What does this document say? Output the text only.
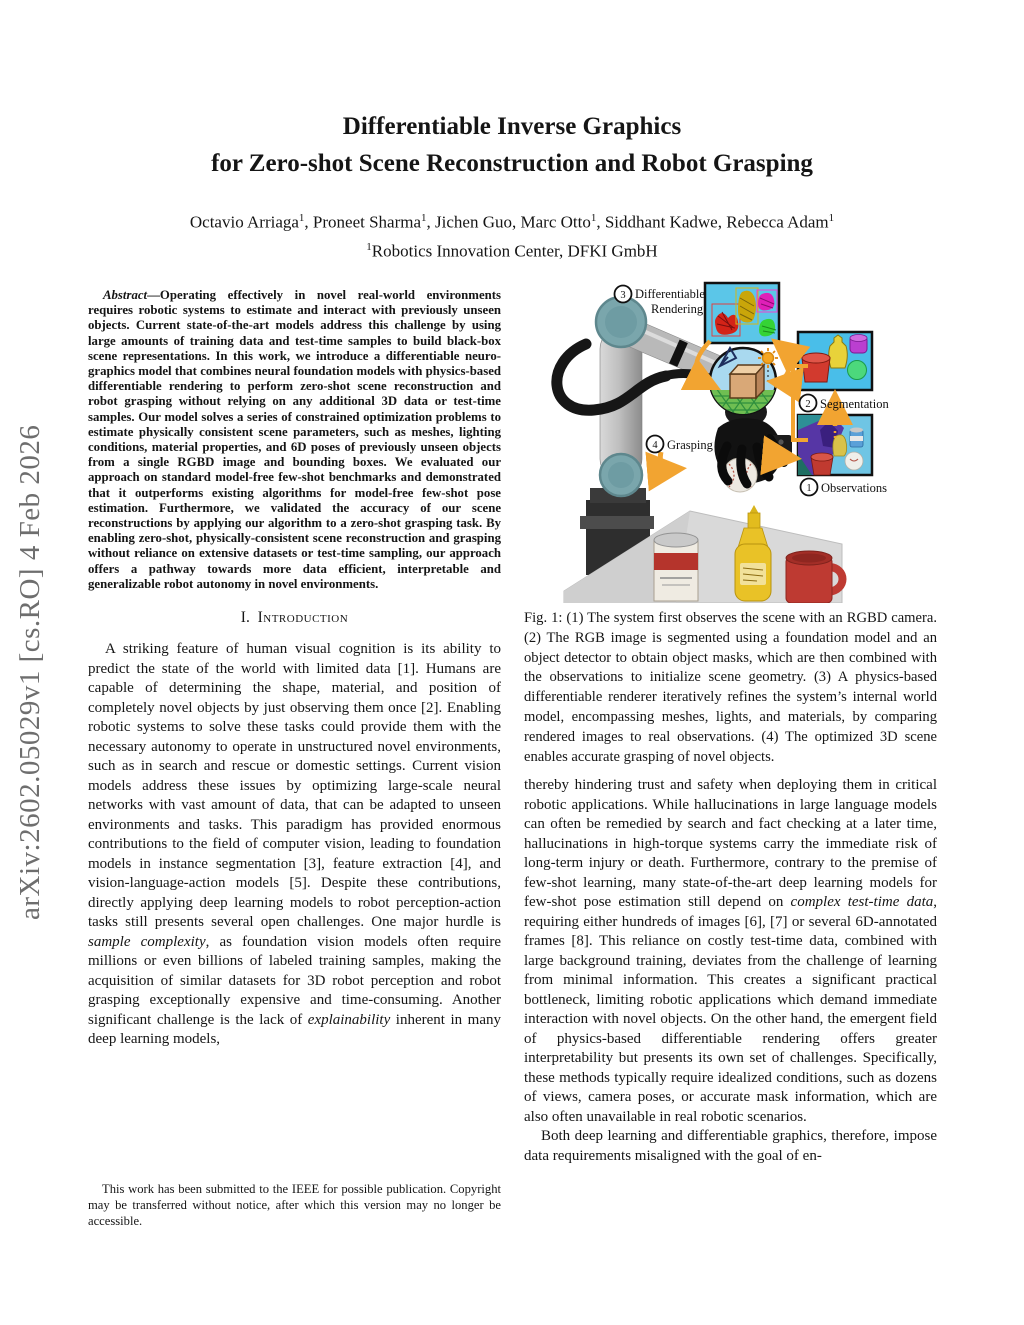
arXiv:2602.05029v1 [cs.RO] 4 Feb 2026
Differentiable Inverse Graphics
for Zero-shot Scene Reconstruction and Robot Grasping
Octavio Arriaga$^1$, Proneet Sharma$^1$, Jichen Guo, Marc Otto$^1$, Siddhant Kadwe, Rebecca Adam$^1$
$^1$Robotics Innovation Center, DFKI GmbH

Abstract—Operating effectively in novel real-world environments requires robotic systems to estimate and interact with previously unseen objects. Current state-of-the-art models address this challenge by using large amounts of training data and test-time samples to build black-box scene representations. In this work, we introduce a differentiable neuro-graphics model that combines neural foundation models with physics-based differentiable rendering to perform zero-shot scene reconstruction and robot grasping without relying on any additional 3D data or test-time samples. Our model solves a series of constrained optimization problems to estimate physically consistent scene parameters, such as meshes, lighting conditions, material properties, and 6D poses of previously unseen objects from a single RGBD image and bounding boxes. We evaluated our approach on standard model-free few-shot benchmarks and demonstrated that it outperforms existing algorithms for model-free few-shot pose estimation. Furthermore, we validated the accuracy of our scene reconstructions by applying our algorithm to a zero-shot grasping task. By enabling zero-shot, physically-consistent scene reconstruction and grasping without reliance on extensive datasets or test-time sampling, our approach offers a pathway towards more data efficient, interpretable and generalizable robot autonomy in novel environments.

I. Introduction

A striking feature of human visual cognition is its ability to predict the state of the world with limited data [1]. Humans are capable of determining the shape, material, and position of completely novel objects by just observing them once [2]. Enabling robotic systems to solve these tasks could provide them with the necessary autonomy to operate in unstructured novel environments, such as in search and rescue or domestic settings. Current vision models address these issues by optimizing large-scale neural networks with vast amount of data, that can be adapted to unseen environments and tasks. This paradigm has provided enormous contributions to the field of computer vision, leading to foundation models in instance segmentation [3], feature extraction [4], and vision-language-action models [5]. Despite these contributions, directly applying deep learning models to robot perception-action tasks still presents several open challenges. One major hurdle is sample complexity, as foundation vision models often require millions or even billions of labeled training samples, making the acquisition of similar datasets for 3D robot perception and robot grasping exceptionally expensive and time-consuming. Another significant challenge is the lack of explainability inherent in many deep learning models,

This work has been submitted to the IEEE for possible publication. Copyright may be transferred without notice, after which this version may no longer be accessible.
3 Differentiable
Rendering
2 Segmentation
1 Observations
4 Grasping

Fig. 1: (1) The system first observes the scene with an RGBD camera. (2) The RGB image is segmented using a foundation model and an object detector to obtain object masks, which are then combined with the observations to initialize scene geometry. (3) A physics-based differentiable renderer iteratively refines the system’s internal world model, encompassing meshes, lights, and materials, by comparing rendered images to real observations. (4) The optimized 3D scene enables accurate grasping of novel objects.

thereby hindering trust and safety when deploying them in critical robotic applications. While hallucinations in large language models can often be remedied by search and fact checking at a later time, hallucinations in high-torque systems carry the immediate risk of long-term injury or death. Furthermore, contrary to the premise of few-shot learning, many state-of-the-art deep learning models for few-shot pose estimation still depend on complex test-time data, requiring either hundreds of images [6], [7] or several 6D-annotated frames [8]. This reliance on costly test-time data, combined with large background training, deviates from the challenge of learning from minimal information. This creates a significant practical bottleneck, limiting robotic applications which demand immediate interaction with novel objects. On the other hand, the emergent field of physics-based differentiable rendering offers greater interpretability but presents its own set of challenges. Specifically, these methods typically require idealized conditions, such as dozens of views, camera poses, or accurate mask information, which are also often unavailable in real robotic scenarios.

Both deep learning and differentiable graphics, therefore, impose data requirements misaligned with the goal of en-
